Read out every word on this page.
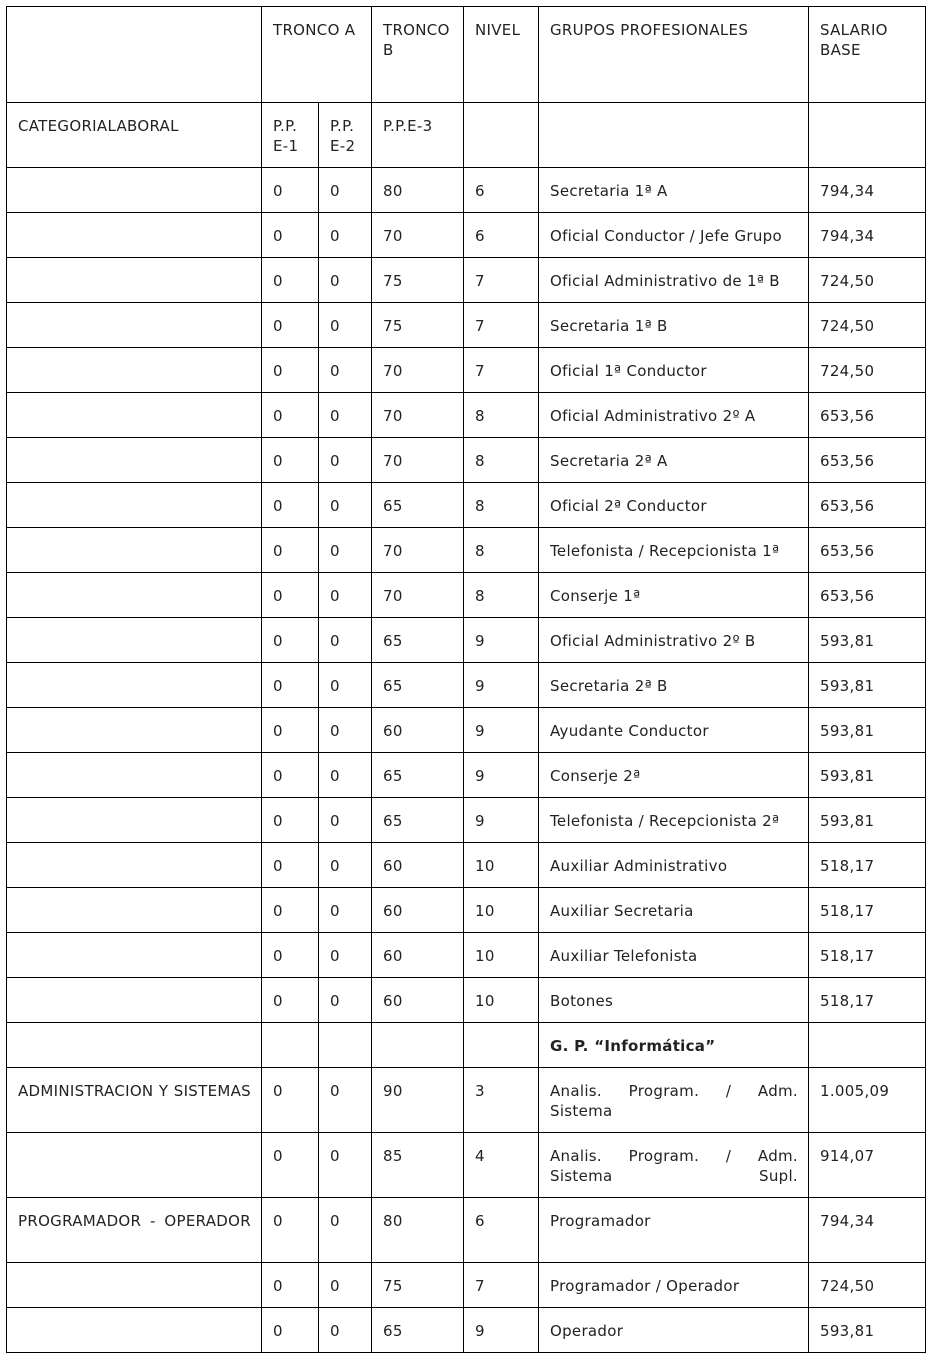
	TRONCO A		TRONCO B	NIVEL	GRUPOS PROFESIONALES	SALARIO BASE
CATEGORIALABORAL	P.P. E-1	P.P. E-2	P.P.E-3			
	0	0	80	6	Secretaria 1ª A	794,34
	0	0	70	6	Oficial Conductor / Jefe Grupo	794,34
	0	0	75	7	Oficial Administrativo de 1ª B	724,50
	0	0	75	7	Secretaria 1ª B	724,50
	0	0	70	7	Oficial 1ª Conductor	724,50
	0	0	70	8	Oficial Administrativo 2º A	653,56
	0	0	70	8	Secretaria 2ª A	653,56
	0	0	65	8	Oficial 2ª Conductor	653,56
	0	0	70	8	Telefonista / Recepcionista 1ª	653,56
	0	0	70	8	Conserje 1ª	653,56
	0	0	65	9	Oficial Administrativo 2º B	593,81
	0	0	65	9	Secretaria 2ª B	593,81
	0	0	60	9	Ayudante Conductor	593,81
	0	0	65	9	Conserje 2ª	593,81
	0	0	65	9	Telefonista / Recepcionista 2ª	593,81
	0	0	60	10	Auxiliar Administrativo	518,17
	0	0	60	10	Auxiliar Secretaria	518,17
	0	0	60	10	Auxiliar Telefonista	518,17
	0	0	60	10	Botones	518,17
					G. P. “Informática”	
ADMINISTRACION Y SISTEMAS	0	0	90	3	Analis. Program. / Adm. Sistema	1.005,09
	0	0	85	4	Analis. Program. / Adm. Sistema Supl.	914,07
PROGRAMADOR - OPERADOR	0	0	80	6	Programador	794,34
	0	0	75	7	Programador / Operador	724,50
	0	0	65	9	Operador	593,81
